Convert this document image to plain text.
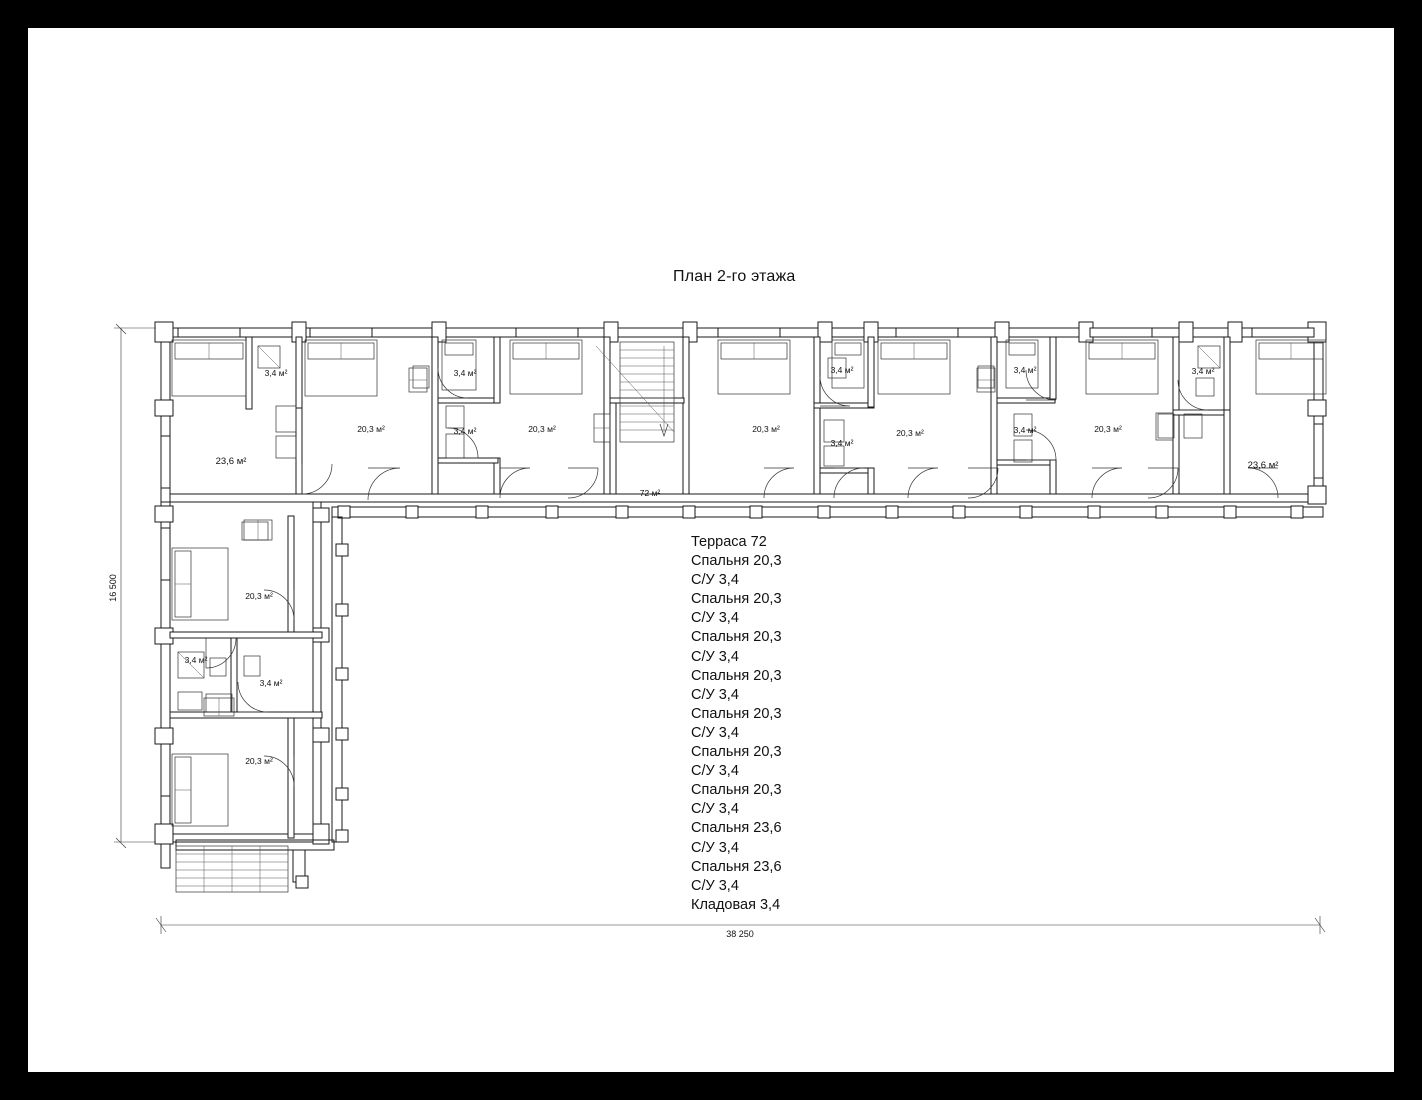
План 2-го этажа
Терраса 72
Спальня 20,3
С/У 3,4
Спальня 20,3
С/У 3,4
Спальня 20,3
С/У 3,4
Спальня 20,3
С/У 3,4
Спальня 20,3
С/У 3,4
Спальня 20,3
С/У 3,4
Спальня 20,3
С/У 3,4
Спальня 23,6
С/У 3,4
Спальня 23,6
С/У 3,4
Кладовая 3,4
16 500
38 250
23,6 м²
3,4 м²
20,3 м²
3,4 м²
3,4 м²	20,3 м²
72 м²
20,3 м²
3,4 м²
3,4 м²
20,3 м²
3,4 м²
3,4 м²	20,3 м²
3,4 м²
23,6 м²
20,3 м²
3,4 м²
3,4 м²
20,3 м²
